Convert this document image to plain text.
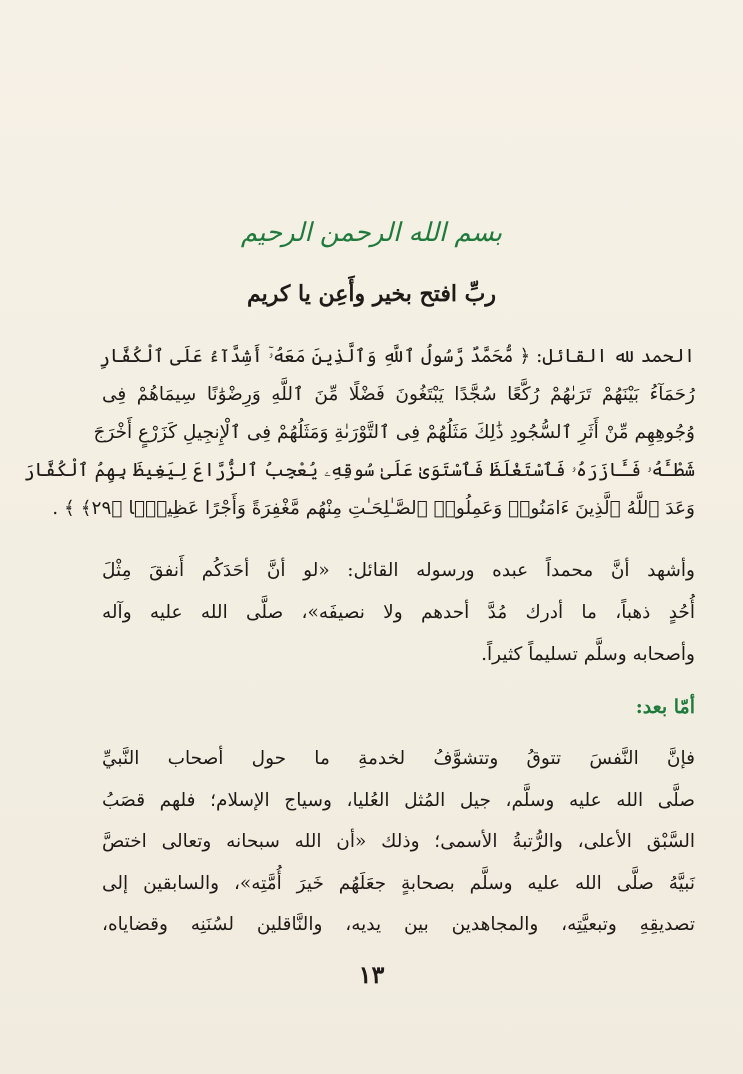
بسم الله الرحمن الرحيم
ربِّ افتح بخير وأَعِن يا كريم
الحمد لله القائل: ﴿ مُّحَمَّدٌ رَّسُولُ ٱللَّهِ وَٱلَّذِينَ مَعَهُۥٓ أَشِدَّآءُ عَلَى ٱلْكُفَّارِ
رُحَمَآءُ بَيْنَهُمْ تَرَىٰهُمْ رُكَّعًا سُجَّدًا يَبْتَغُونَ فَضْلًا مِّنَ ٱللَّهِ وَرِضْوَٰنًا سِيمَاهُمْ فِى
وُجُوهِهِم مِّنْ أَثَرِ ٱلسُّجُودِ ذَٰلِكَ مَثَلُهُمْ فِى ٱلتَّوْرَىٰةِ وَمَثَلُهُمْ فِى ٱلْإِنجِيلِ كَزَرْعٍ أَخْرَجَ
شَطْـَٔهُۥ فَـَٔازَرَهُۥ فَٱسْتَغْلَظَ فَٱسْتَوَىٰ عَلَىٰ سُوقِهِۦ يُعْجِبُ ٱلزُّرَّاعَ لِيَغِيظَ بِهِمُ ٱلْكُفَّارَ
وَعَدَ ٱللَّهُ ٱلَّذِينَ ءَامَنُوا۟ وَعَمِلُوا۟ ٱلصَّـٰلِحَـٰتِ مِنْهُم مَّغْفِرَةً وَأَجْرًا عَظِيمًۢا ﴿٢٩﴾ ﴾ .
وأشهد أنَّ محمداً عبده ورسوله القائل: «لو أنَّ أحَدَكُم أَنفقَ مِثْلَ
أُحُدٍ ذهباً، ما أدرك مُدَّ أحدهم ولا نصيفَه»، صلَّى الله عليه وآله
وأصحابه وسلَّم تسليماً كثيراً.
أمّا بعد:
فإنَّ النَّفسَ تتوقُ وتتشوَّفُ لخدمةِ ما حول أصحاب النَّبيِّ
صلَّى الله عليه وسلَّم، جيل المُثل العُليا، وسياج الإسلام؛ فلهم قصَبُ
السَّبْق الأعلى، والرُّتبةُ الأسمى؛ وذلك «أن الله سبحانه وتعالى اختصَّ
نَبيَّهُ صلَّى الله عليه وسلَّم بصحابةٍ جعَلَهُم خَيرَ أُمَّتِه»، والسابقين إلى
تصديقِهِ وتبعيَّتِه، والمجاهدين بين يديه، والنَّاقلين لسُنَنِه وقضاياه،
١٣
